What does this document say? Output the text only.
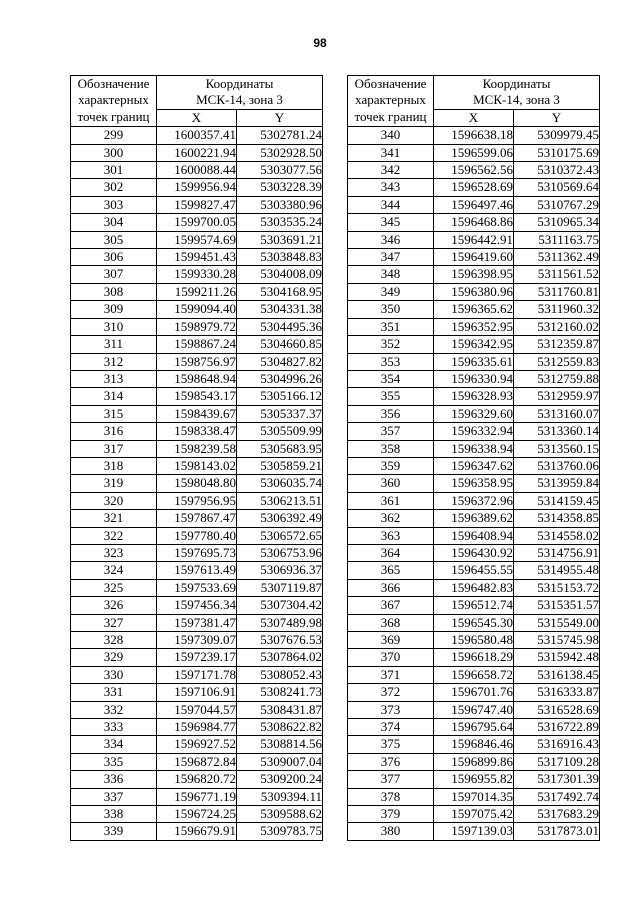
98
Обозначение
характерных
точек границ	Координаты
МСК-14, зона 3	

	X	Y
299	1600357.41	5302781.24
300	1600221.94	5302928.50
301	1600088.44	5303077.56
302	1599956.94	5303228.39
303	1599827.47	5303380.96
304	1599700.05	5303535.24
305	1599574.69	5303691.21
306	1599451.43	5303848.83
307	1599330.28	5304008.09
308	1599211.26	5304168.95
309	1599094.40	5304331.38
310	1598979.72	5304495.36
311	1598867.24	5304660.85
312	1598756.97	5304827.82
313	1598648.94	5304996.26
314	1598543.17	5305166.12
315	1598439.67	5305337.37
316	1598338.47	5305509.99
317	1598239.58	5305683.95
318	1598143.02	5305859.21
319	1598048.80	5306035.74
320	1597956.95	5306213.51
321	1597867.47	5306392.49
322	1597780.40	5306572.65
323	1597695.73	5306753.96
324	1597613.49	5306936.37
325	1597533.69	5307119.87
326	1597456.34	5307304.42
327	1597381.47	5307489.98
328	1597309.07	5307676.53
329	1597239.17	5307864.02
330	1597171.78	5308052.43
331	1597106.91	5308241.73
332	1597044.57	5308431.87
333	1596984.77	5308622.82
334	1596927.52	5308814.56
335	1596872.84	5309007.04
336	1596820.72	5309200.24
337	1596771.19	5309394.11
338	1596724.25	5309588.62
339	1596679.91	5309783.75
Обозначение
характерных
точек границ	Координаты
МСК-14, зона 3	

	X	Y
340	1596638.18	5309979.45
341	1596599.06	5310175.69
342	1596562.56	5310372.43
343	1596528.69	5310569.64
344	1596497.46	5310767.29
345	1596468.86	5310965.34
346	1596442.91	5311163.75
347	1596419.60	5311362.49
348	1596398.95	5311561.52
349	1596380.96	5311760.81
350	1596365.62	5311960.32
351	1596352.95	5312160.02
352	1596342.95	5312359.87
353	1596335.61	5312559.83
354	1596330.94	5312759.88
355	1596328.93	5312959.97
356	1596329.60	5313160.07
357	1596332.94	5313360.14
358	1596338.94	5313560.15
359	1596347.62	5313760.06
360	1596358.95	5313959.84
361	1596372.96	5314159.45
362	1596389.62	5314358.85
363	1596408.94	5314558.02
364	1596430.92	5314756.91
365	1596455.55	5314955.48
366	1596482.83	5315153.72
367	1596512.74	5315351.57
368	1596545.30	5315549.00
369	1596580.48	5315745.98
370	1596618.29	5315942.48
371	1596658.72	5316138.45
372	1596701.76	5316333.87
373	1596747.40	5316528.69
374	1596795.64	5316722.89
375	1596846.46	5316916.43
376	1596899.86	5317109.28
377	1596955.82	5317301.39
378	1597014.35	5317492.74
379	1597075.42	5317683.29
380	1597139.03	5317873.01
